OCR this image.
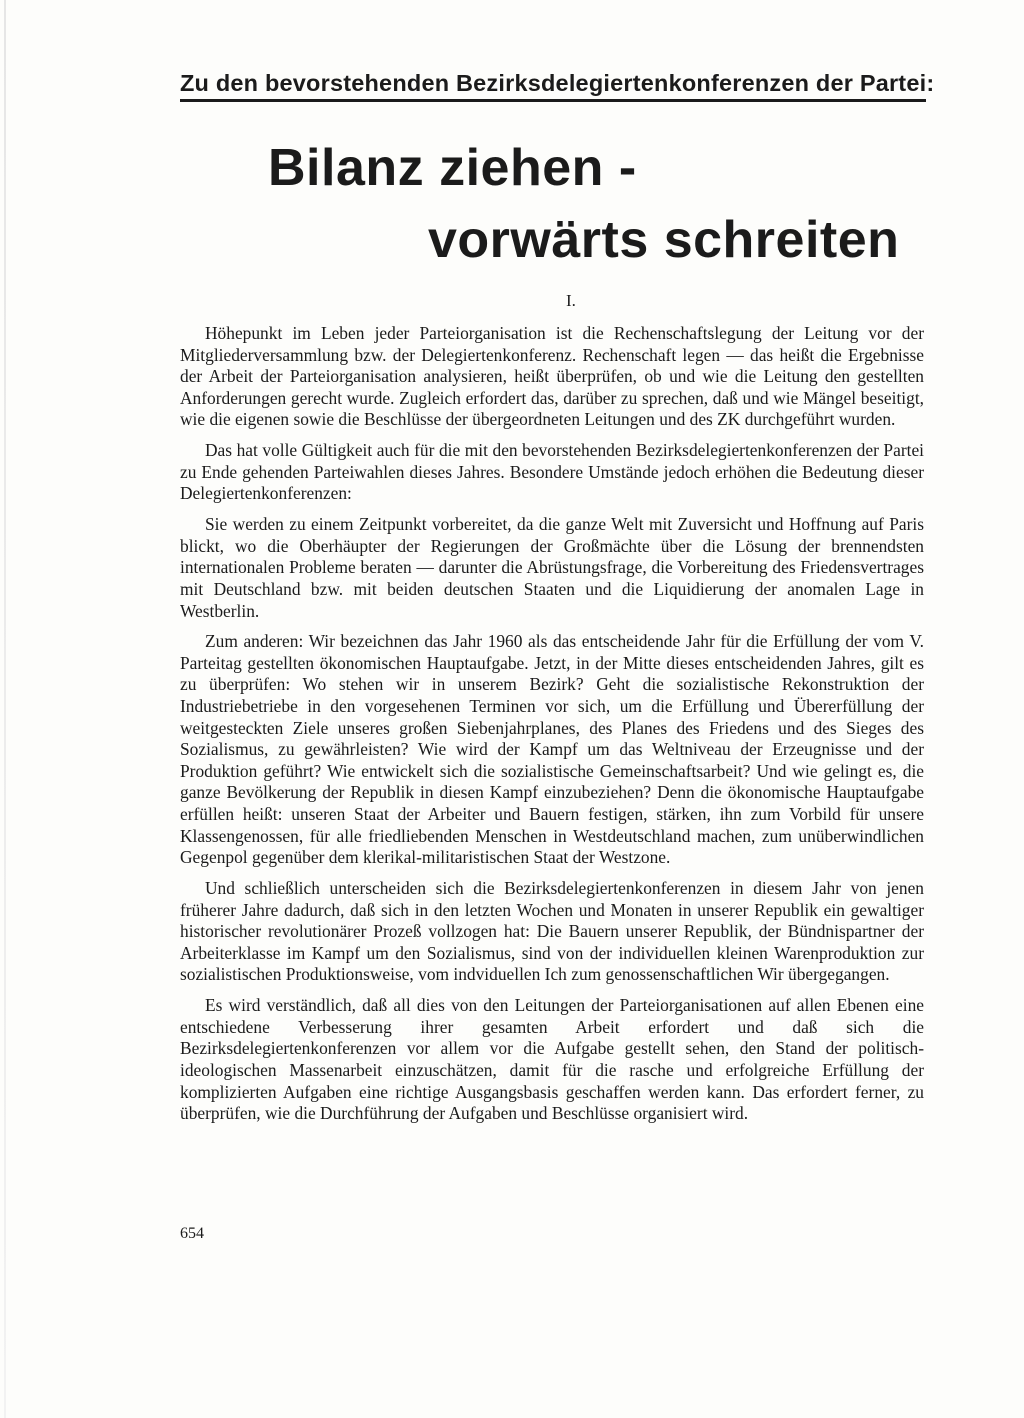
Zu den bevorstehenden Bezirksdelegiertenkonferenzen der Partei:
Bilanz ziehen -
vorwärts schreiten
I.

Höhepunkt im Leben jeder Parteiorganisation ist die Rechenschaftslegung der Leitung vor der Mitgliederversammlung bzw. der Delegiertenkonferenz. Rechenschaft legen — das heißt die Ergebnisse der Arbeit der Parteiorganisation analysieren, heißt überprüfen, ob und wie die Leitung den gestellten Anforderungen gerecht wurde. Zugleich erfordert das, darüber zu sprechen, daß und wie Mängel beseitigt, wie die eigenen sowie die Beschlüsse der übergeordneten Leitungen und des ZK durchgeführt wurden.

Das hat volle Gültigkeit auch für die mit den bevorstehenden Bezirksdelegiertenkonferenzen der Partei zu Ende gehenden Parteiwahlen dieses Jahres. Besondere Umstände jedoch erhöhen die Bedeutung dieser Delegiertenkonferenzen:

Sie werden zu einem Zeitpunkt vorbereitet, da die ganze Welt mit Zuversicht und Hoffnung auf Paris blickt, wo die Oberhäupter der Regierungen der Großmächte über die Lösung der brennendsten internationalen Probleme beraten — darunter die Abrüstungsfrage, die Vorbereitung des Friedensvertrages mit Deutschland bzw. mit beiden deutschen Staaten und die Liquidierung der anomalen Lage in Westberlin.

Zum anderen: Wir bezeichnen das Jahr 1960 als das entscheidende Jahr für die Erfüllung der vom V. Parteitag gestellten ökonomischen Hauptaufgabe. Jetzt, in der Mitte dieses entscheidenden Jahres, gilt es zu überprüfen: Wo stehen wir in unserem Bezirk? Geht die sozialistische Rekonstruktion der Industriebetriebe in den vorgesehenen Terminen vor sich, um die Erfüllung und Übererfüllung der weitgesteckten Ziele unseres großen Siebenjahrplanes, des Planes des Friedens und des Sieges des Sozialismus, zu gewährleisten? Wie wird der Kampf um das Weltniveau der Erzeugnisse und der Produktion geführt? Wie entwickelt sich die sozialistische Gemeinschaftsarbeit? Und wie gelingt es, die ganze Bevölkerung der Republik in diesen Kampf einzubeziehen? Denn die ökonomische Hauptaufgabe erfüllen heißt: unseren Staat der Arbeiter und Bauern festigen, stärken, ihn zum Vorbild für unsere Klassengenossen, für alle friedliebenden Menschen in Westdeutschland machen, zum unüberwindlichen Gegenpol gegenüber dem klerikal-militaristischen Staat der Westzone.

Und schließlich unterscheiden sich die Bezirksdelegiertenkonferenzen in diesem Jahr von jenen früherer Jahre dadurch, daß sich in den letzten Wochen und Monaten in unserer Republik ein gewaltiger historischer revolutionärer Prozeß vollzogen hat: Die Bauern unserer Republik, der Bündnispartner der Arbeiterklasse im Kampf um den Sozialismus, sind von der individuellen kleinen Warenproduktion zur sozialistischen Produktionsweise, vom indviduellen Ich zum genossenschaftlichen Wir übergegangen.

Es wird verständlich, daß all dies von den Leitungen der Parteiorganisationen auf allen Ebenen eine entschiedene Verbesserung ihrer gesamten Arbeit erfordert und daß sich die Bezirksdelegiertenkonferenzen vor allem vor die Aufgabe gestellt sehen, den Stand der politisch-ideologischen Massenarbeit einzuschätzen, damit für die rasche und erfolgreiche Erfüllung der komplizierten Aufgaben eine richtige Ausgangsbasis geschaffen werden kann. Das erfordert ferner, zu überprüfen, wie die Durchführung der Aufgaben und Beschlüsse organisiert wird.

654
